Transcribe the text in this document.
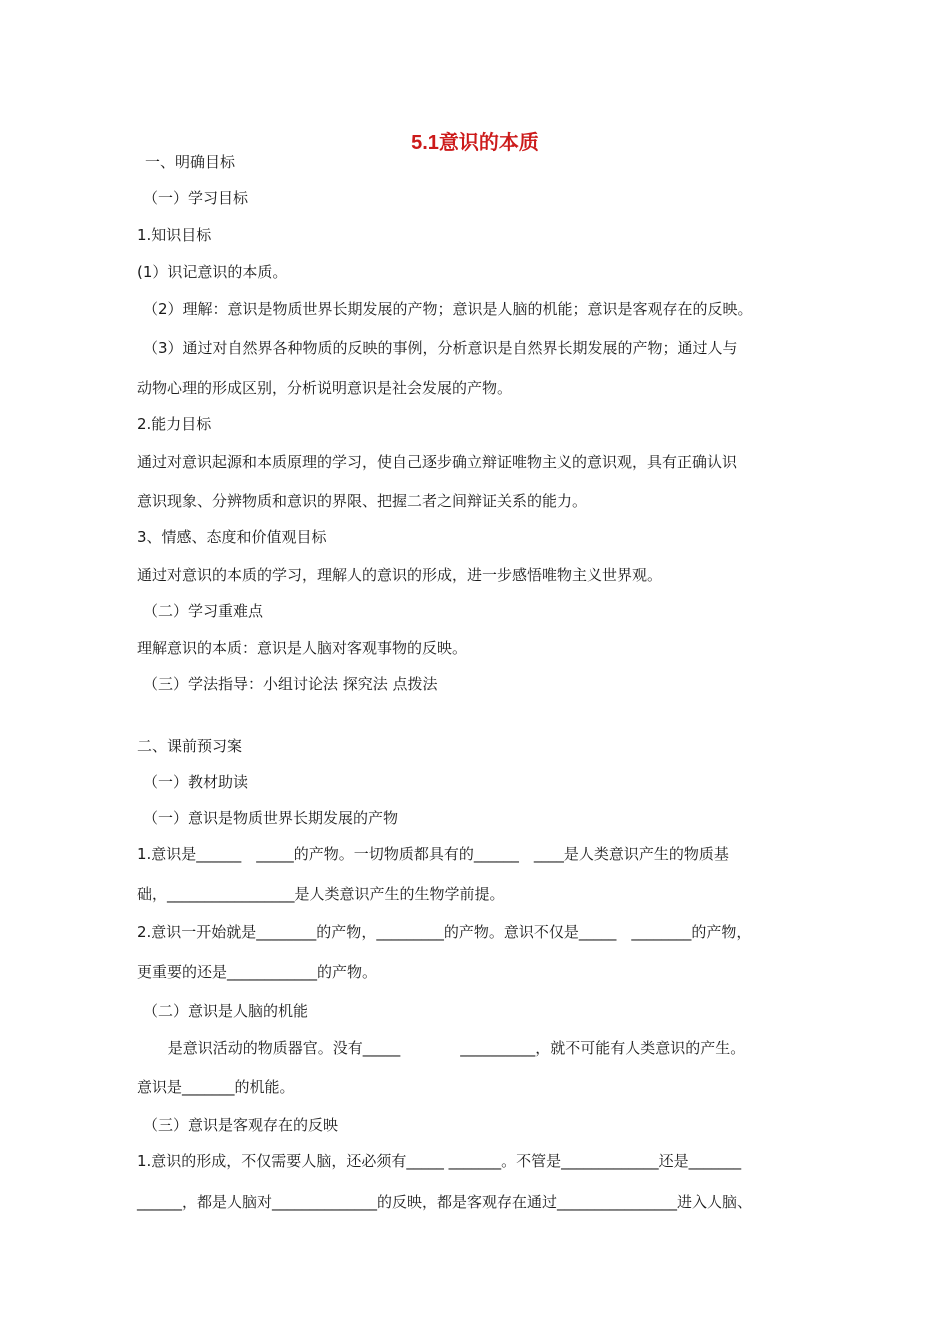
5.1意识的本质
一、明确目标
（一）学习目标
1.知识目标
(1）识记意识的本质。
（2）理解：意识是物质世界长期发展的产物；意识是人脑的机能；意识是客观存在的反映。
（3）通过对自然界各种物质的反映的事例，分析意识是自然界长期发展的产物；通过人与
动物心理的形成区别，分析说明意识是社会发展的产物。
2.能力目标
通过对意识起源和本质原理的学习，使自己逐步确立辩证唯物主义的意识观，具有正确认识
意识现象、分辨物质和意识的界限、把握二者之间辩证关系的能力。
3、情感、态度和价值观目标
通过对意识的本质的学习，理解人的意识的形成，进一步感悟唯物主义世界观。
（二）学习重难点
理解意识的本质：意识是人脑对客观事物的反映。
（三）学法指导：小组讨论法 探究法 点拨法
二、课前预习案
（一）教材助读
（一）意识是物质世界长期发展的产物
1.意识是______　_____的产物。一切物质都具有的______　____是人类意识产生的物质基
础，_________________是人类意识产生的生物学前提。
2.意识一开始就是________的产物，_________的产物。意识不仅是_____　________的产物，
更重要的还是____________的产物。
（二）意识是人脑的机能
　 是意识活动的物质器官。没有_____　　　　__________，就不可能有人类意识的产生。
意识是_______的机能。
（三）意识是客观存在的反映
1.意识的形成，不仅需要人脑，还必须有_____ _______。不管是_____________还是_______
______，都是人脑对______________的反映，都是客观存在通过________________进入人脑、
